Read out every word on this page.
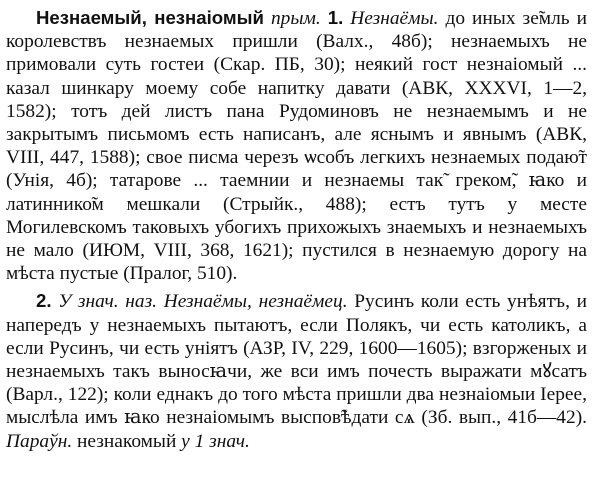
Незнаемый, незнаіомый прым. 1. Незнаёмы. до иных зе̃мль и королевствъ незнаемых пришли (Валх., 48б); незнаемыхъ не примовали суть гостеи (Скар. ПБ, 30); неякий гост незнаіомый ... казал шинкару моему собе напитку давати (АВК, XXXVI, 1—2, 1582); тотъ дей листъ пана Рудоминовъ не незнаемымъ и не закрытымъ письмомъ есть написанъ, але яснымъ и явнымъ (АВК, VIII, 447, 1588); свое писма черезъ ѡсобъ легкихъ незнаемых подаю̃т (Унія, 4б); татарове ... таемнии и незнаемы так̃ греком̃, ꙗко и латиннико̃м мешкали (Стрыйк., 488); естъ тутъ у месте Могилевскомъ таковыхъ убогихъ прихожыхъ знаемыхъ и незнаемыхъ не мало (ИЮМ, VIII, 368, 1621); пустился в незнаемую дорогу на мѣста пустые (Пралог, 510).

2. У знач. наз. Незнаёмы, незнаёмец. Русинъ коли есть унѣятъ, и напередъ у незнаемыхъ пытаютъ, если Полякъ, чи есть католикъ, а если Русинъ, чи есть уніятъ (АЗР, IV, 229, 1600—1605); взгорженых и незнаемыхъ такъ выносꙗчи, же вси имъ почесть выражати мꙋсатъ (Варл., 122); коли еднакъ до того мѣста пришли два незнаіомыи Іерее, мыслѣла имъ ꙗко незнаіомымъ выспов̃ѣдати сѧ (Зб. вып., 41б—42). Параўн. незнакомый у 1 знач.
